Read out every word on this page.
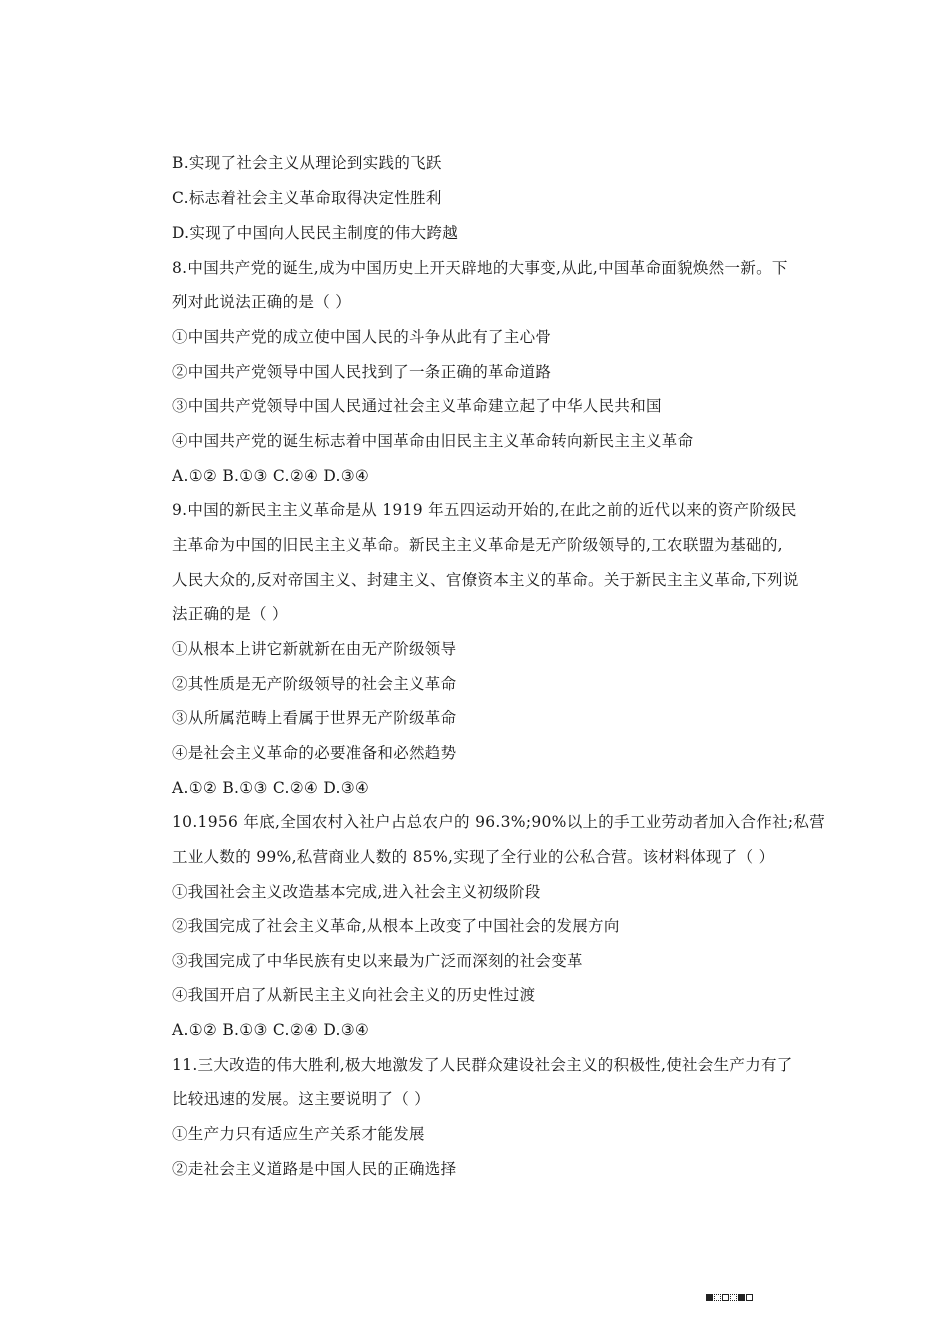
B.实现了社会主义从理论到实践的飞跃
C.标志着社会主义革命取得决定性胜利
D.实现了中国向人民民主制度的伟大跨越
8.中国共产党的诞生,成为中国历史上开天辟地的大事变,从此,中国革命面貌焕然一新。下
列对此说法正确的是（ ）
①中国共产党的成立使中国人民的斗争从此有了主心骨
②中国共产党领导中国人民找到了一条正确的革命道路
③中国共产党领导中国人民通过社会主义革命建立起了中华人民共和国
④中国共产党的诞生标志着中国革命由旧民主主义革命转向新民主主义革命
A.①② B.①③ C.②④ D.③④
9.中国的新民主主义革命是从 1919 年五四运动开始的,在此之前的近代以来的资产阶级民
主革命为中国的旧民主主义革命。新民主主义革命是无产阶级领导的,工农联盟为基础的,
人民大众的,反对帝国主义、封建主义、官僚资本主义的革命。关于新民主主义革命,下列说
法正确的是（ ）
①从根本上讲它新就新在由无产阶级领导
②其性质是无产阶级领导的社会主义革命
③从所属范畴上看属于世界无产阶级革命
④是社会主义革命的必要准备和必然趋势
A.①② B.①③ C.②④ D.③④
10.1956 年底,全国农村入社户占总农户的 96.3%;90%以上的手工业劳动者加入合作社;私营
工业人数的 99%,私营商业人数的 85%,实现了全行业的公私合营。该材料体现了（ ）
①我国社会主义改造基本完成,进入社会主义初级阶段
②我国完成了社会主义革命,从根本上改变了中国社会的发展方向
③我国完成了中华民族有史以来最为广泛而深刻的社会变革
④我国开启了从新民主主义向社会主义的历史性过渡
A.①② B.①③ C.②④ D.③④
11.三大改造的伟大胜利,极大地激发了人民群众建设社会主义的积极性,使社会生产力有了
比较迅速的发展。这主要说明了（ ）
①生产力只有适应生产关系才能发展
②走社会主义道路是中国人民的正确选择
